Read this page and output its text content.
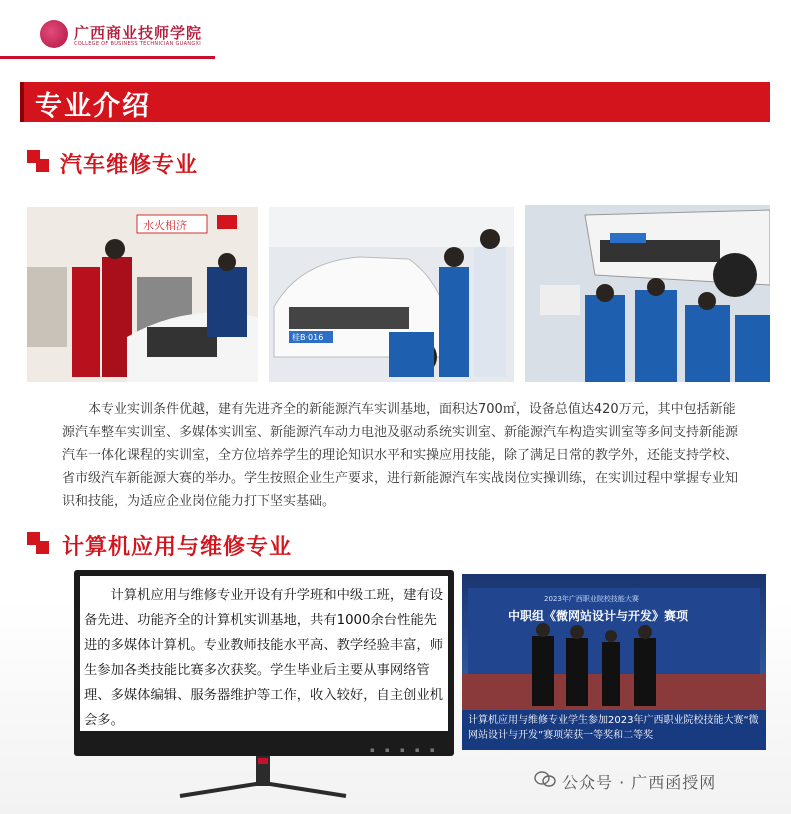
广西商业技师学院
COLLEGE OF BUSINESS TECHNICIAN GUANGXI
专业介绍
汽车维修专业
水火相济
桂B·016
本专业实训条件优越，建有先进齐全的新能源汽车实训基地，面积达700㎡，设备总值达420万元，其中包括新能源汽车整车实训室、多媒体实训室、新能源汽车动力电池及驱动系统实训室、新能源汽车构造实训室等多间支持新能源汽车一体化课程的实训室，全方位培养学生的理论知识水平和实操应用技能，除了满足日常的教学外，还能支持学校、省市级汽车新能源大赛的举办。学生按照企业生产要求，进行新能源汽车实战岗位实操训练，在实训过程中掌握专业知识和技能，为适应企业岗位能力打下坚实基础。
计算机应用与维修专业
计算机应用与维修专业开设有升学班和中级工班，建有设备先进、功能齐全的计算机实训基地，共有1000余台性能先进的多媒体计算机。专业教师技能水平高、教学经验丰富，师生参加各类技能比赛多次获奖。学生毕业后主要从事网络管理、多媒体编辑、服务器维护等工作，收入较好，自主创业机会多。
▪ ▪ ▪ ▪ ▪
2023年广西职业院校技能大赛
中职组《微网站设计与开发》赛项
计算机应用与维修专业学生参加2023年广西职业院校技能大赛“微网站设计与开发”赛项荣获一等奖和二等奖
公众号 · 广西函授网
